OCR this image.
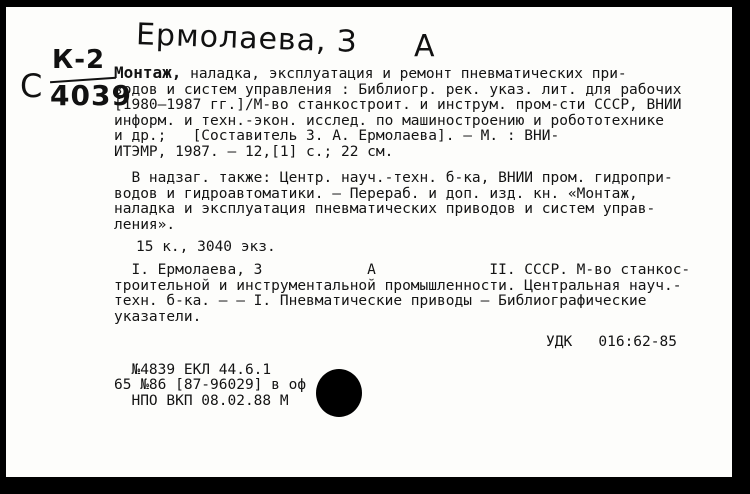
К-2
С 4039
Ермолаева, З А
Монтаж, наладка, эксплуатация и ремонт пневматических при-
водов и систем управления : Библиогр. рек. указ. лит. для рабочих
[1980—1987 гг.]/М-во станкостроит. и инструм. пром-сти СССР, ВНИИ
информ. и техн.-экон. исслед. по машиностроению и робототехнике
и др.;   [Составитель З. А. Ермолаева]. — М. : ВНИ-
ИТЭМР, 1987. — 12,[1] с.; 22 см.
В надзаг. также: Центр. науч.-техн. б-ка, ВНИИ пром. гидропри-
водов и гидроавтоматики. — Перераб. и доп. изд. кн. «Монтаж,
наладка и эксплуатация пневматических приводов и систем управ-
ления».
15 к., 3040 экз.
I. Ермолаева, З            А             II. СССР. М-во станкос-
троительной и инструментальной промышленности. Центральная науч.-
техн. б-ка. — — I. Пневматические приводы — Библиографические
указатели.
УДК   016:62-85

№4839 ЕКЛ 44.6.1
65 №86 [87-96029] в оф
НПО ВКП 08.02.88 М
